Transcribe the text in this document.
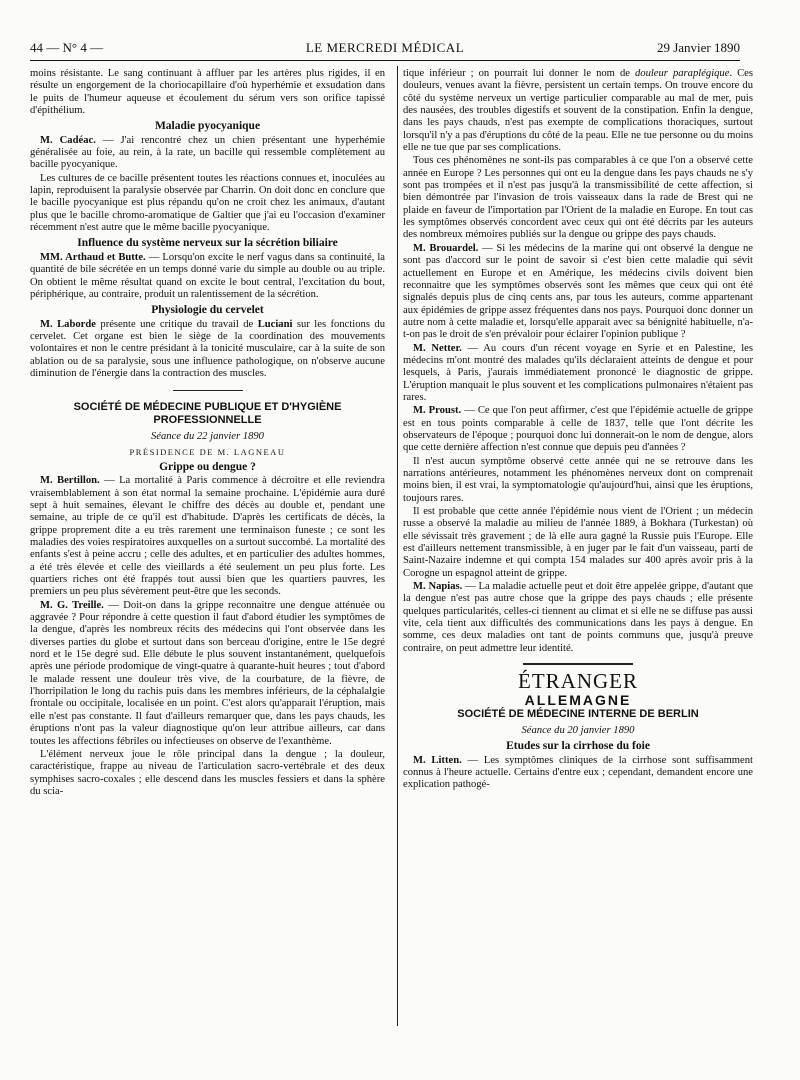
44 — N° 4 —	LE MERCREDI MÉDICAL	29 Janvier 1890

moins résistante. Le sang continuant à affluer par les artères plus rigides, il en résulte un engorgement de la choriocapillaire d'où hyperhémie et exsudation dans le puits de l'humeur aqueuse et écoulement du sérum vers son orifice tapissé d'épithélium.

Maladie pyocyanique

M. Cadéac. — J'ai rencontré chez un chien présentant une hyperhémie généralisée au foie, au rein, à la rate, un bacille qui ressemble complètement au bacille pyocyanique.

Les cultures de ce bacille présentent toutes les réactions connues et, inoculées au lapin, reproduisent la paralysie observée par Charrin. On doit donc en conclure que le bacille pyocyanique est plus répandu qu'on ne croit chez les animaux, d'autant plus que le bacille chromo-aromatique de Galtier que j'ai eu l'occasion d'examiner récemment n'est autre que le même bacille pyocyanique.

Influence du système nerveux sur la sécrétion biliaire

MM. Arthaud et Butte. — Lorsqu'on excite le nerf vagus dans sa continuité, la quantité de bile sécrétée en un temps donné varie du simple au double ou au triple. On obtient le même résultat quand on excite le bout central, l'excitation du bout, périphérique, au contraire, produit un ralentissement de la sécrétion.

Physiologie du cervelet

M. Laborde présente une critique du travail de Luciani sur les fonctions du cervelet. Cet organe est bien le siège de la coordination des mouvements volontaires et non le centre présidant à la tonicité musculaire, car à la suite de son ablation ou de sa paralysie, sous une influence pathologique, on n'observe aucune diminution de l'énergie dans la contraction des muscles.

SOCIÉTÉ DE MÉDECINE PUBLIQUE ET D'HYGIÈNE PROFESSIONNELLE
Séance du 22 janvier 1890
PRÉSIDENCE DE M. LAGNEAU
Grippe ou dengue ?

M. Bertillon. — La mortalité à Paris commence à décroitre et elle reviendra vraisemblablement à son état normal la semaine prochaine. L'épidémie aura duré sept à huit semaines, élevant le chiffre des décès au double et, pendant une semaine, au triple de ce qu'il est d'habitude. D'après les certificats de décès, la grippe proprement dite a eu très rarement une terminaison funeste ; ce sont les maladies des voies respiratoires auxquelles on a surtout succombé. La mortalité des enfants s'est à peine accru ; celle des adultes, et en particulier des adultes hommes, a été très élevée et celle des vieillards a été seulement un peu plus forte. Les quartiers riches ont été frappés tout aussi bien que les quartiers pauvres, les premiers un peu plus sévèrement peut-être que les seconds.

M. G. Treille. — Doit-on dans la grippe reconnaitre une dengue atténuée ou aggravée ? Pour répondre à cette question il faut d'abord étudier les symptômes de la dengue, d'après les nombreux récits des médecins qui l'ont observée dans les diverses parties du globe et surtout dans son berceau d'origine, entre le 15e degré nord et le 15e degré sud. Elle débute le plus souvent instantanément, quelquefois après une période prodomique de vingt-quatre à quarante-huit heures ; tout d'abord le malade ressent une douleur très vive, de la courbature, de la fièvre, de l'horripilation le long du rachis puis dans les membres inférieurs, de la céphalalgie frontale ou occipitale, localisée en un point. C'est alors qu'apparait l'éruption, mais elle n'est pas constante. Il faut d'ailleurs remarquer que, dans les pays chauds, les éruptions n'ont pas la valeur diagnostique qu'on leur attribue ailleurs, car dans toutes les affections fébriles ou infectieuses on observe de l'exanthème.

L'élément nerveux joue le rôle principal dans la dengue ; la douleur, caractéristique, frappe au niveau de l'articulation sacro-vertébrale et des deux symphises sacro-coxales ; elle descend dans les muscles fessiers et dans la sphère du scia-

tique inférieur ; on pourrait lui donner le nom de douleur paraplégique. Ces douleurs, venues avant la fièvre, persistent un certain temps. On trouve encore du côté du système nerveux un vertige particulier comparable au mal de mer, puis des nausées, des troubles digestifs et souvent de la constipation. Enfin la dengue, dans les pays chauds, n'est pas exempte de complications thoraciques, surtout lorsqu'il n'y a pas d'éruptions du côté de la peau. Elle ne tue personne ou du moins elle ne tue que par ses complications.

Tous ces phénomènes ne sont-ils pas comparables à ce que l'on a observé cette année en Europe ? Les personnes qui ont eu la dengue dans les pays chauds ne s'y sont pas trompées et il n'est pas jusqu'à la transmissibilité de cette affection, si bien démontrée par l'invasion de trois vaisseaux dans la rade de Brest qui ne plaide en faveur de l'importation par l'Orient de la maladie en Europe. En tout cas les symptômes observés concordent avec ceux qui ont été décrits par les auteurs des nombreux mémoires publiés sur la dengue ou grippe des pays chauds.

M. Brouardel. — Si les médecins de la marine qui ont observé la dengue ne sont pas d'accord sur le point de savoir si c'est bien cette maladie qui sévit actuellement en Europe et en Amérique, les médecins civils doivent bien reconnaitre que les symptômes observés sont les mêmes que ceux qui ont été signalés depuis plus de cinq cents ans, par tous les auteurs, comme appartenant aux épidémies de grippe assez fréquentes dans nos pays. Pourquoi donc donner un autre nom à cette maladie et, lorsqu'elle apparait avec sa bénignité habituelle, n'a-t-on pas le droit de s'en prévaloir pour éclairer l'opinion publique ?

M. Netter. — Au cours d'un récent voyage en Syrie et en Palestine, les médecins m'ont montré des malades qu'ils déclaraient atteints de dengue et pour lesquels, à Paris, j'aurais immédiatement prononcé le diagnostic de grippe. L'éruption manquait le plus souvent et les complications pulmonaires n'étaient pas rares.

M. Proust. — Ce que l'on peut affirmer, c'est que l'épidémie actuelle de grippe est en tous points comparable à celle de 1837, telle que l'ont décrite les observateurs de l'époque ; pourquoi donc lui donnerait-on le nom de dengue, alors que cette dernière affection n'est connue que depuis peu d'années ?

Il n'est aucun symptôme observé cette année qui ne se retrouve dans les narrations antérieures, notamment les phénomènes nerveux dont on comprenait moins bien, il est vrai, la symptomatologie qu'aujourd'hui, ainsi que les éruptions, toujours rares.

Il est probable que cette année l'épidémie nous vient de l'Orient ; un médecin russe a observé la maladie au milieu de l'année 1889, à Bokhara (Turkestan) où elle sévissait très gravement ; de là elle aura gagné la Russie puis l'Europe. Elle est d'ailleurs nettement transmissible, à en juger par le fait d'un vaisseau, parti de Saint-Nazaire indemne et qui compta 154 malades sur 400 après avoir pris à la Corogne un espagnol atteint de grippe.

M. Napias. — La maladie actuelle peut et doit être appelée grippe, d'autant que la dengue n'est pas autre chose que la grippe des pays chauds ; elle présente quelques particularités, celles-ci tiennent au climat et si elle ne se diffuse pas aussi vite, cela tient aux difficultés des communications dans les pays à dengue. En somme, ces deux maladies ont tant de points communs que, jusqu'à preuve contraire, on peut admettre leur identité.

ÉTRANGER
ALLEMAGNE
SOCIÉTÉ DE MÉDECINE INTERNE DE BERLIN
Séance du 20 janvier 1890
Etudes sur la cirrhose du foie

M. Litten. — Les symptômes cliniques de la cirrhose sont suffisamment connus à l'heure actuelle. Certains d'entre eux ; cependant, demandent encore une explication pathogé-
